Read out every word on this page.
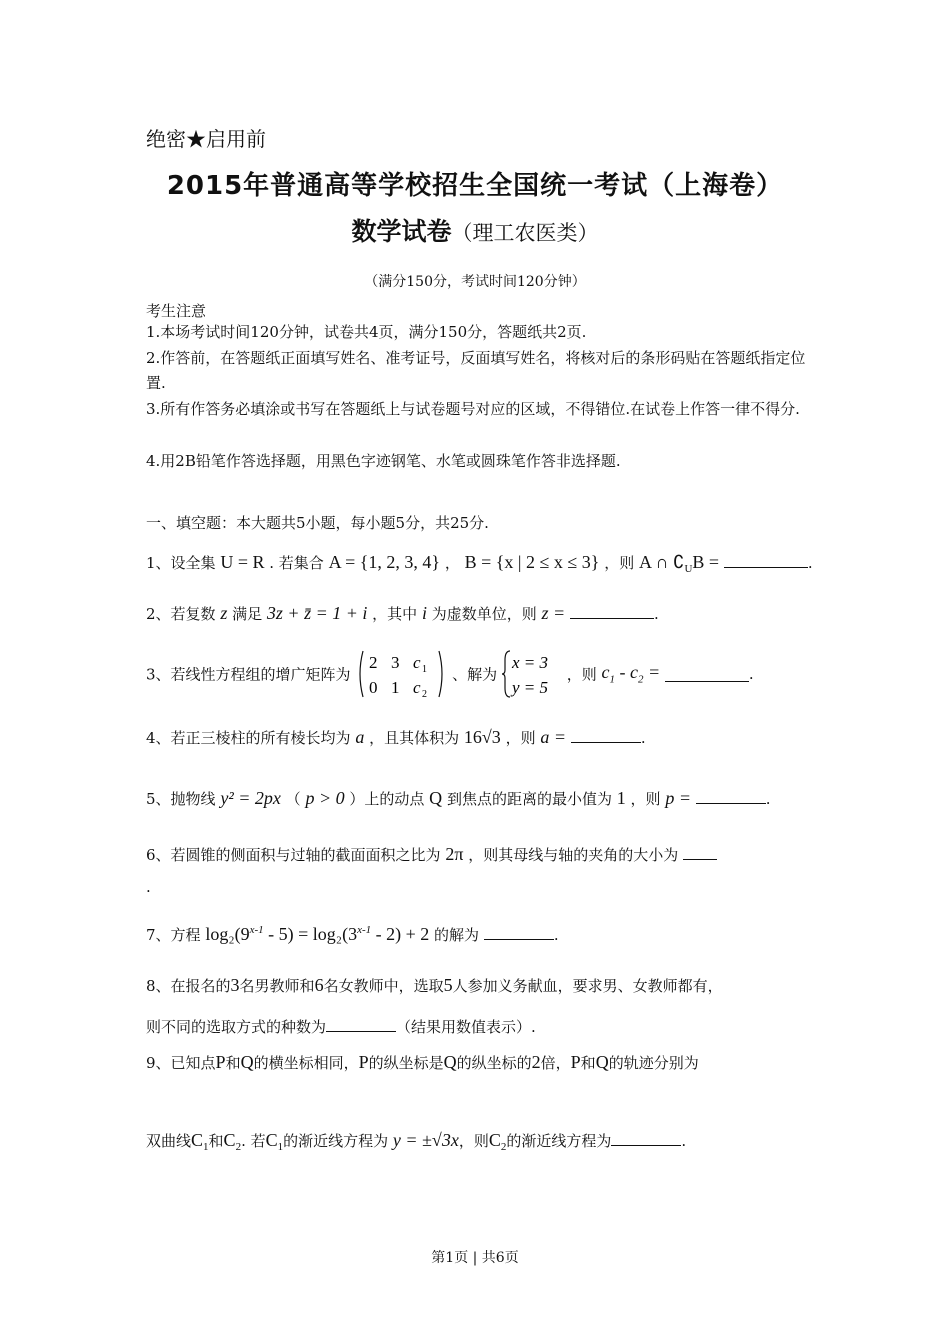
绝密★启用前
2015年普通高等学校招生全国统一考试（上海卷）
数学试卷（理工农医类）
（满分150分，考试时间120分钟）
考生注意
1.本场考试时间120分钟，试卷共4页，满分150分，答题纸共2页.
2.作答前，在答题纸正面填写姓名、准考证号，反面填写姓名，将核对后的条形码贴在答题纸指定位置.
3.所有作答务必填涂或书写在答题纸上与试卷题号对应的区域，不得错位.在试卷上作答一律不得分.
4.用2B铅笔作答选择题，用黑色字迹钢笔、水笔或圆珠笔作答非选择题.
一、填空题：本大题共5小题，每小题5分，共25分.
1、设全集 U = R . 若集合 A = {1, 2, 3, 4} ， B = {x | 2 ≤ x ≤ 3} ，则 A ∩ $∁_UB$ =	.
2、若复数 z 满足 3z + z̄ = 1 + i ，其中 i 为虚数单位，则 z =	.
3、若线性方程组的增广矩阵为
2 3 c 1
0 1 c 2
、解为
x = 3
y = 5
，则 $c_1 - c_2$ =	.
4、若正三棱柱的所有棱长均为 a ，且其体积为 16√3 ，则 a =	.
5、抛物线 y² = 2px （ p > 0 ）上的动点 Q 到焦点的距离的最小值为 1 ，则 p =	.
6、若圆锥的侧面积与过轴的截面面积之比为 2π ，则其母线与轴的夹角的大小为
.
7、方程 $\log_2(9^{x-1} - 5) = \log_2(3^{x-1} - 2) + 2$ 的解为	.
8、在报名的3名男教师和6名女教师中，选取5人参加义务献血，要求男、女教师都有，
则不同的选取方式的种数为	（结果用数值表示）.
9、已知点P和Q的横坐标相同，P的纵坐标是Q的纵坐标的2倍，P和Q的轨迹分别为
双曲线$C_1$和$C_2$. 若$C_1$的渐近线方程为 y = ±√3x，则$C_2$的渐近线方程为	.
第1页 | 共6页
